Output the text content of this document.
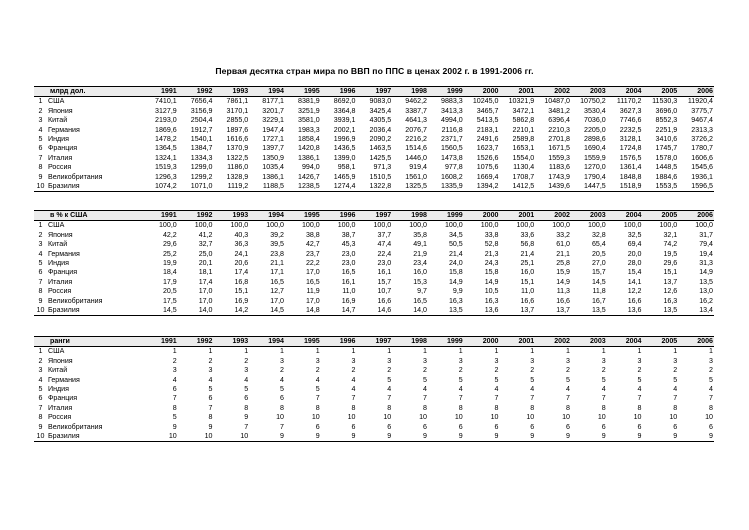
Первая десятка стран мира по ВВП по ППС в ценах 2002 г. в 1991-2006 гг.
	млрд дол.	1991	1992	1993	1994	1995	1996	1997	1998	1999	2000	2001	2002	2003	2004	2005	2006
1	США	7410,1	7656,4	7861,1	8177,1	8381,9	8692,0	9083,0	9462,2	9883,3	10245,0	10321,9	10487,0	10750,2	11170,2	11530,3	11920,4
2	Япония	3127,9	3156,9	3170,1	3201,7	3251,9	3364,8	3425,4	3387,7	3413,3	3465,7	3472,1	3481,2	3530,4	3627,3	3696,0	3775,7
3	Китай	2193,0	2504,4	2855,0	3229,1	3581,0	3939,1	4305,5	4641,3	4994,0	5413,5	5862,8	6396,4	7036,0	7746,6	8552,3	9467,4
4	Германия	1869,6	1912,7	1897,6	1947,4	1983,3	2002,1	2036,4	2076,7	2116,8	2183,1	2210,1	2210,3	2205,0	2232,5	2251,9	2313,3
5	Индия	1478,2	1540,1	1616,6	1727,1	1858,4	1996,9	2090,2	2216,2	2371,7	2491,6	2589,8	2701,8	2898,6	3128,1	3410,6	3726,2
6	Франция	1364,5	1384,7	1370,9	1397,7	1420,8	1436,5	1463,5	1514,6	1560,5	1623,7	1653,1	1671,5	1690,4	1724,8	1745,7	1780,7
7	Италия	1324,1	1334,3	1322,5	1350,9	1386,1	1399,0	1425,5	1446,0	1473,8	1526,6	1554,0	1559,3	1559,9	1576,5	1578,0	1606,6
8	Россия	1519,3	1299,0	1186,0	1035,4	994,0	958,1	971,3	919,4	977,8	1075,6	1130,4	1183,6	1270,0	1361,4	1448,5	1545,6
9	Великобритания	1296,3	1299,2	1328,9	1386,1	1426,7	1465,9	1510,5	1561,0	1608,2	1669,4	1708,7	1743,9	1790,4	1848,8	1884,6	1936,1
10	Бразилия	1074,2	1071,0	1119,2	1188,5	1238,5	1274,4	1322,8	1325,5	1335,9	1394,2	1412,5	1439,6	1447,5	1518,9	1553,5	1596,5
	в % к США	1991	1992	1993	1994	1995	1996	1997	1998	1999	2000	2001	2002	2003	2004	2005	2006
1	США	100,0	100,0	100,0	100,0	100,0	100,0	100,0	100,0	100,0	100,0	100,0	100,0	100,0	100,0	100,0	100,0
2	Япония	42,2	41,2	40,3	39,2	38,8	38,7	37,7	35,8	34,5	33,8	33,6	33,2	32,8	32,5	32,1	31,7
3	Китай	29,6	32,7	36,3	39,5	42,7	45,3	47,4	49,1	50,5	52,8	56,8	61,0	65,4	69,4	74,2	79,4
4	Германия	25,2	25,0	24,1	23,8	23,7	23,0	22,4	21,9	21,4	21,3	21,4	21,1	20,5	20,0	19,5	19,4
5	Индия	19,9	20,1	20,6	21,1	22,2	23,0	23,0	23,4	24,0	24,3	25,1	25,8	27,0	28,0	29,6	31,3
6	Франция	18,4	18,1	17,4	17,1	17,0	16,5	16,1	16,0	15,8	15,8	16,0	15,9	15,7	15,4	15,1	14,9
7	Италия	17,9	17,4	16,8	16,5	16,5	16,1	15,7	15,3	14,9	14,9	15,1	14,9	14,5	14,1	13,7	13,5
8	Россия	20,5	17,0	15,1	12,7	11,9	11,0	10,7	9,7	9,9	10,5	11,0	11,3	11,8	12,2	12,6	13,0
9	Великобритания	17,5	17,0	16,9	17,0	17,0	16,9	16,6	16,5	16,3	16,3	16,6	16,6	16,7	16,6	16,3	16,2
10	Бразилия	14,5	14,0	14,2	14,5	14,8	14,7	14,6	14,0	13,5	13,6	13,7	13,7	13,5	13,6	13,5	13,4
	ранги	1991	1992	1993	1994	1995	1996	1997	1998	1999	2000	2001	2002	2003	2004	2005	2006
1	США	1	1	1	1	1	1	1	1	1	1	1	1	1	1	1	1
2	Япония	2	2	2	3	3	3	3	3	3	3	3	3	3	3	3	3
3	Китай	3	3	3	2	2	2	2	2	2	2	2	2	2	2	2	2
4	Германия	4	4	4	4	4	4	5	5	5	5	5	5	5	5	5	5
5	Индия	6	5	5	5	5	4	4	4	4	4	4	4	4	4	4	4
6	Франция	7	6	6	6	7	7	7	7	7	7	7	7	7	7	7	7
7	Италия	8	7	8	8	8	8	8	8	8	8	8	8	8	8	8	8
8	Россия	5	8	9	10	10	10	10	10	10	10	10	10	10	10	10	10
9	Великобритания	9	9	7	7	6	6	6	6	6	6	6	6	6	6	6	6
10	Бразилия	10	10	10	9	9	9	9	9	9	9	9	9	9	9	9	9
